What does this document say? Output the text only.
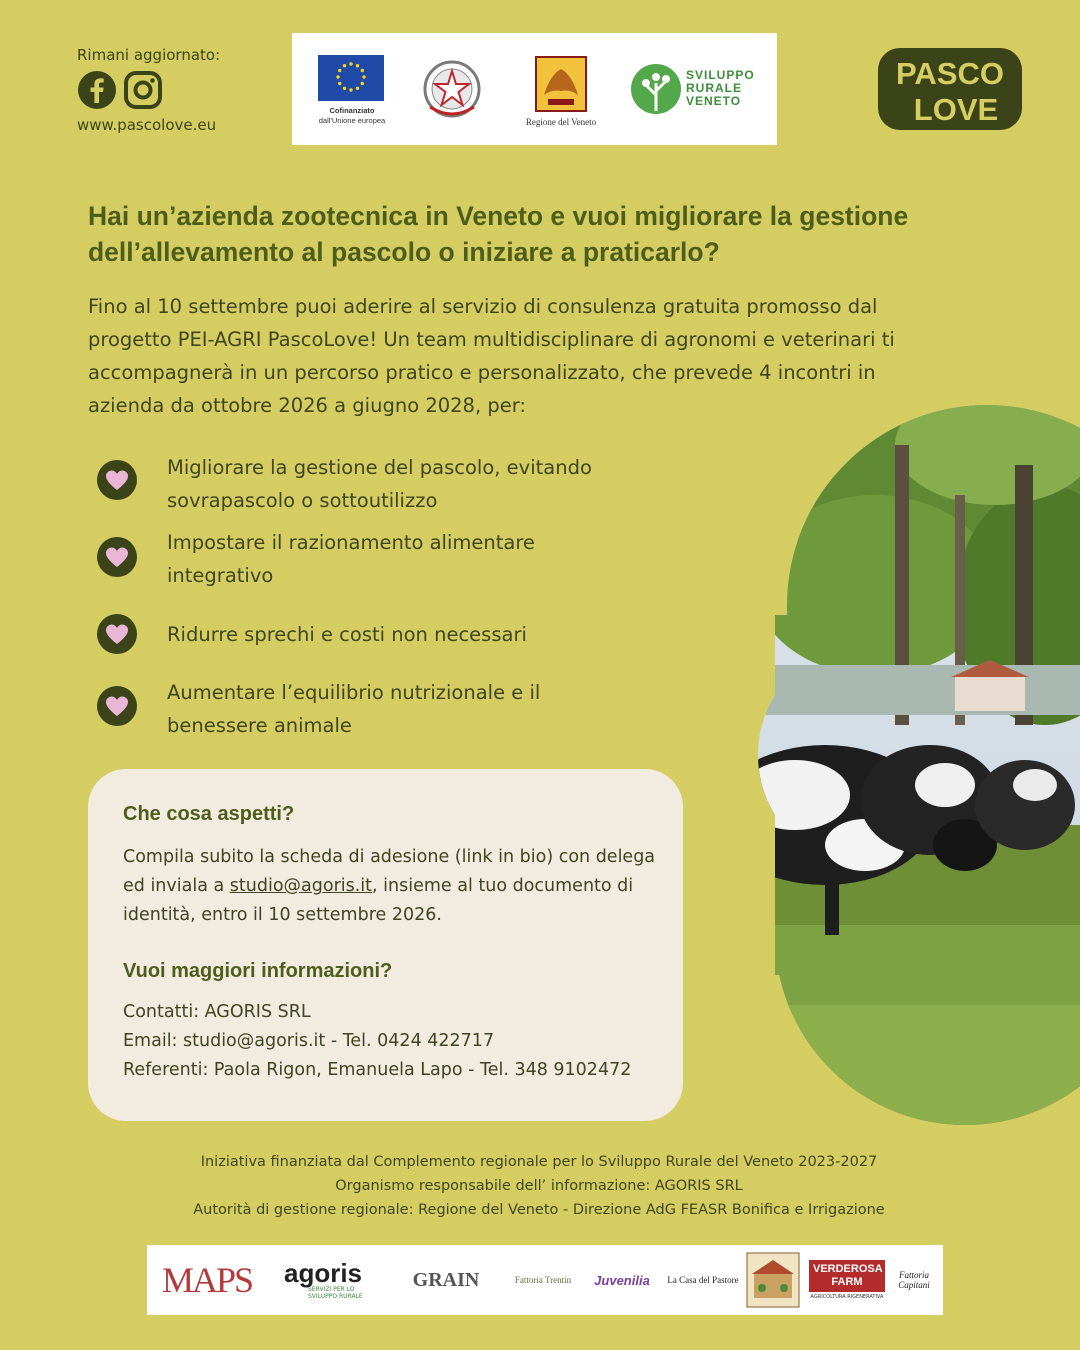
Rimani aggiornato:
www.pascolove.eu
Cofinanziato
dall'Unione europea	Regione del Veneto
SVILUPPO
RURALE
VENETO
PASCO
LOVE
Hai un’azienda zootecnica in Veneto e vuoi migliorare la gestione dell’allevamento al pascolo o iniziare a praticarlo?
Fino al 10 settembre puoi aderire al servizio di consulenza gratuita promosso dal progetto PEI-AGRI PascoLove! Un team multidisciplinare di agronomi e veterinari ti accompagnerà in un percorso pratico e personalizzato, che prevede 4 incontri in azienda da ottobre 2026 a giugno 2028, per:
Migliorare la gestione del pascolo, evitando sovrapascolo o sottoutilizzo
Impostare il razionamento alimentare integrativo
Ridurre sprechi e costi non necessari
Aumentare l’equilibrio nutrizionale e il benessere animale
Che cosa aspetti?
Compila subito la scheda di adesione (link in bio) con delega ed inviala a studio@agoris.it, insieme al tuo documento di identità, entro il 10 settembre 2026.
Vuoi maggiori informazioni?
Contatti: AGORIS SRL
Email: studio@agoris.it - Tel. 0424 422717
Referenti: Paola Rigon, Emanuela Lapo - Tel. 348 9102472
Iniziativa finanziata dal Complemento regionale per lo Sviluppo Rurale del Veneto 2023-2027
Organismo responsabile dell’ informazione: AGORIS SRL
Autorità di gestione regionale: Regione del Veneto - Direzione AdG FEASR Bonifica e Irrigazione
MAPS agoris
SERVIZI PER LO SVILUPPO RURALE
GRAIN	Fattoria Trentin	Juvenilia	La Casa del Pastore
VERDEROSA FARM
AGRICOLTURA RIGENERATIVA
Fattoria Capitani
